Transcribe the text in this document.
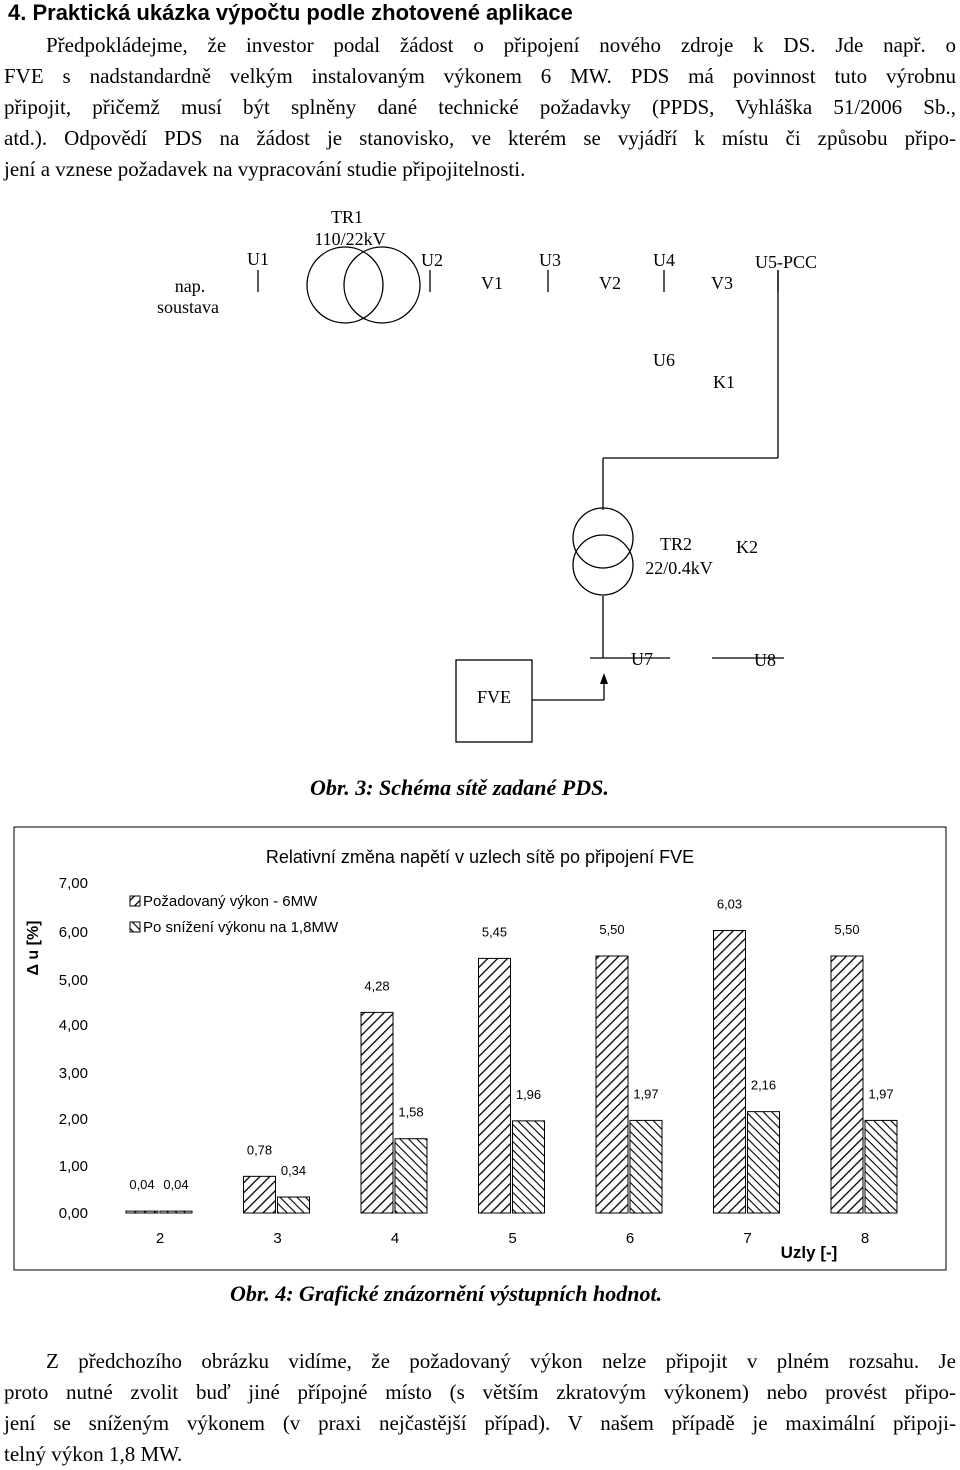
4. Praktická ukázka výpočtu podle zhotovené aplikace
Předpokládejme, že investor podal žádost o připojení nového zdroje k DS. Jde např. o
FVE s nadstandardně velkým instalovaným výkonem 6 MW. PDS má povinnost tuto výrobnu
připojit, přičemž musí být splněny dané technické požadavky (PPDS, Vyhláška 51/2006 Sb.,
atd.). Odpovědí PDS na žádost je stanovisko, ve kterém se vyjádří k místu či způsobu připo-
jení a vznese požadavek na vypracování studie připojitelnosti.
nap.
soustava
TR1
110/22kV
U1	U2	U3	U4	U5-PCC
V1	V2	V3
U6
K1
TR2
22/0.4kV
K2
U7	U8
FVE
Obr. 3: Schéma sítě zadané PDS.
Relativní změna napětí v uzlech sítě po připojení FVE
Δ u [%]
Uzly [-]
Požadovaný výkon - 6MW
Po snížení výkonu na 1,8MW
0,00
1,00
2,00
3,00
4,00
5,00
6,00
7,00
0,04 0,04
2
0,78
0,34
3
4,28
1,58
4
5,45
1,96
5
5,50
1,97
6
6,03
2,16
7
5,50
1,97
8
Obr. 4: Grafické znázornění výstupních hodnot.
Z předchozího obrázku vidíme, že požadovaný výkon nelze připojit v plném rozsahu. Je
proto nutné zvolit buď jiné přípojné místo (s větším zkratovým výkonem) nebo provést připo-
jení se sníženým výkonem (v praxi nejčastější případ). V našem případě je maximální připoji-
telný výkon 1,8 MW.
